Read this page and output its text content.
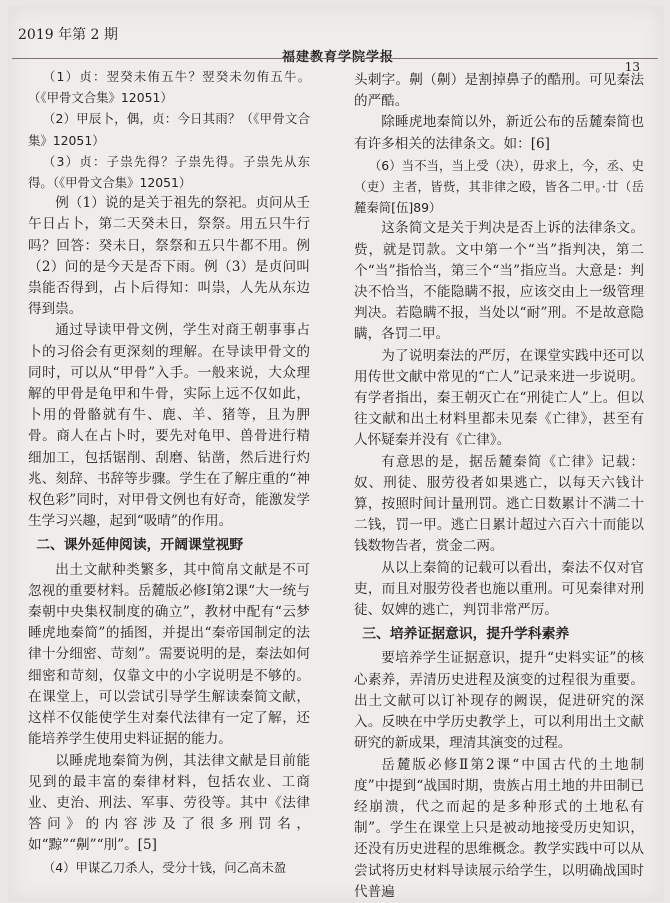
2019 年第 2 期
福建教育学院学报
13

（1）贞：翌癸未侑五牛？翌癸未勿侑五牛。（《甲骨文合集》12051）

（2）甲辰卜，偶，贞：今日其雨？（《甲骨文合集》12051）

（3）贞：子祟先得？子祟先得。子祟先从东得。（《甲骨文合集》12051）

例（1）说的是关于祖先的祭祀。贞问从壬午日占卜，第二天癸未日，祭祭。用五只牛行吗？回答：癸未日，祭祭和五只牛都不用。例（2）问的是今天是否下雨。例（3）是贞问叫祟能否得到，占卜后得知：叫祟，人先从东边得到祟。

通过导读甲骨文例，学生对商王朝事事占卜的习俗会有更深刻的理解。在导读甲骨文的同时，可以从“甲骨”入手。一般来说，大众理解的甲骨是龟甲和牛骨，实际上远不仅如此，卜用的骨骼就有牛、鹿、羊、猪等，且为胛骨。商人在占卜时，要先对龟甲、兽骨进行精细加工，包括锯削、刮磨、钻凿，然后进行灼兆、刻辞、书辞等步骤。学生在了解庄重的“神权色彩”同时，对甲骨文例也有好奇，能激发学生学习兴趣，起到“吸晴”的作用。

二、课外延伸阅读，开阔课堂视野

出土文献种类繁多，其中简帛文献是不可忽视的重要材料。岳麓版必修Ⅰ第2课“大一统与秦朝中央集权制度的确立”，教材中配有“云梦睡虎地秦简”的插图，并提出“秦帝国制定的法律十分细密、苛刻”。需要说明的是，秦法如何细密和苛刻，仅靠文中的小字说明是不够的。在课堂上，可以尝试引导学生解读秦简文献，这样不仅能使学生对秦代法律有一定了解，还能培养学生使用史料证据的能力。

以睡虎地秦简为例，其法律文献是目前能见到的最丰富的秦律材料，包括农业、工商业、吏治、刑法、军事、劳役等。其中《法律答问》的内容涉及了很多刑罚名，如“黥”“劓”“刖”。[5]

（4）甲谋乙刀杀人，受分十钱，问乙高未盈

头刺字。劓（劓）是割掉鼻子的酷刑。可见秦法的严酷。

除睡虎地秦简以外，新近公布的岳麓秦简也有许多相关的法律条文。如：[6]

（6）当不当，当上受（决），毋求上，今，丞、史（吏）主者，皆赀，其非律之殴，皆各二甲。·廿（岳麓秦简[伍]89）

这条简文是关于判决是否上诉的法律条文。赀，就是罚款。文中第一个“当”指判决，第二个“当”指恰当，第三个“当”指应当。大意是：判决不恰当，不能隐瞒不报，应该交由上一级管理判决。若隐瞒不报，当处以“耐”刑。不是故意隐瞒，各罚二甲。

为了说明秦法的严厉，在课堂实践中还可以用传世文献中常见的“亡人”记录来进一步说明。有学者指出，秦王朝灭亡在“刑徒亡人”上。但以往文献和出土材料里都未见秦《亡律》，甚至有人怀疑秦并没有《亡律》。

有意思的是，据岳麓秦简《亡律》记载：奴、刑徒、服劳役者如果逃亡，以每天六钱计算，按照时间计量刑罚。逃亡日数累计不满二十二钱，罚一甲。逃亡日累计超过六百六十而能以钱数物告者，赏金二两。

从以上秦简的记载可以看出，秦法不仅对官吏，而且对服劳役者也施以重刑。可见秦律对刑徒、奴婢的逃亡，判罚非常严厉。

三、培养证据意识，提升学科素养

要培养学生证据意识，提升“史料实证”的核心素养，弄清历史进程及演变的过程很为重要。出土文献可以订补现存的阙误，促进研究的深入。反映在中学历史教学上，可以利用出土文献研究的新成果，理清其演变的过程。

岳麓版必修Ⅱ第2课“中国古代的土地制度”中提到“战国时期，贵族占用土地的井田制已经崩溃，代之而起的是多种形式的土地私有制”。学生在课堂上只是被动地接受历史知识，还没有历史进程的思维概念。教学实践中可以从尝试将历史材料导读展示给学生，以明确战国时代普遍
